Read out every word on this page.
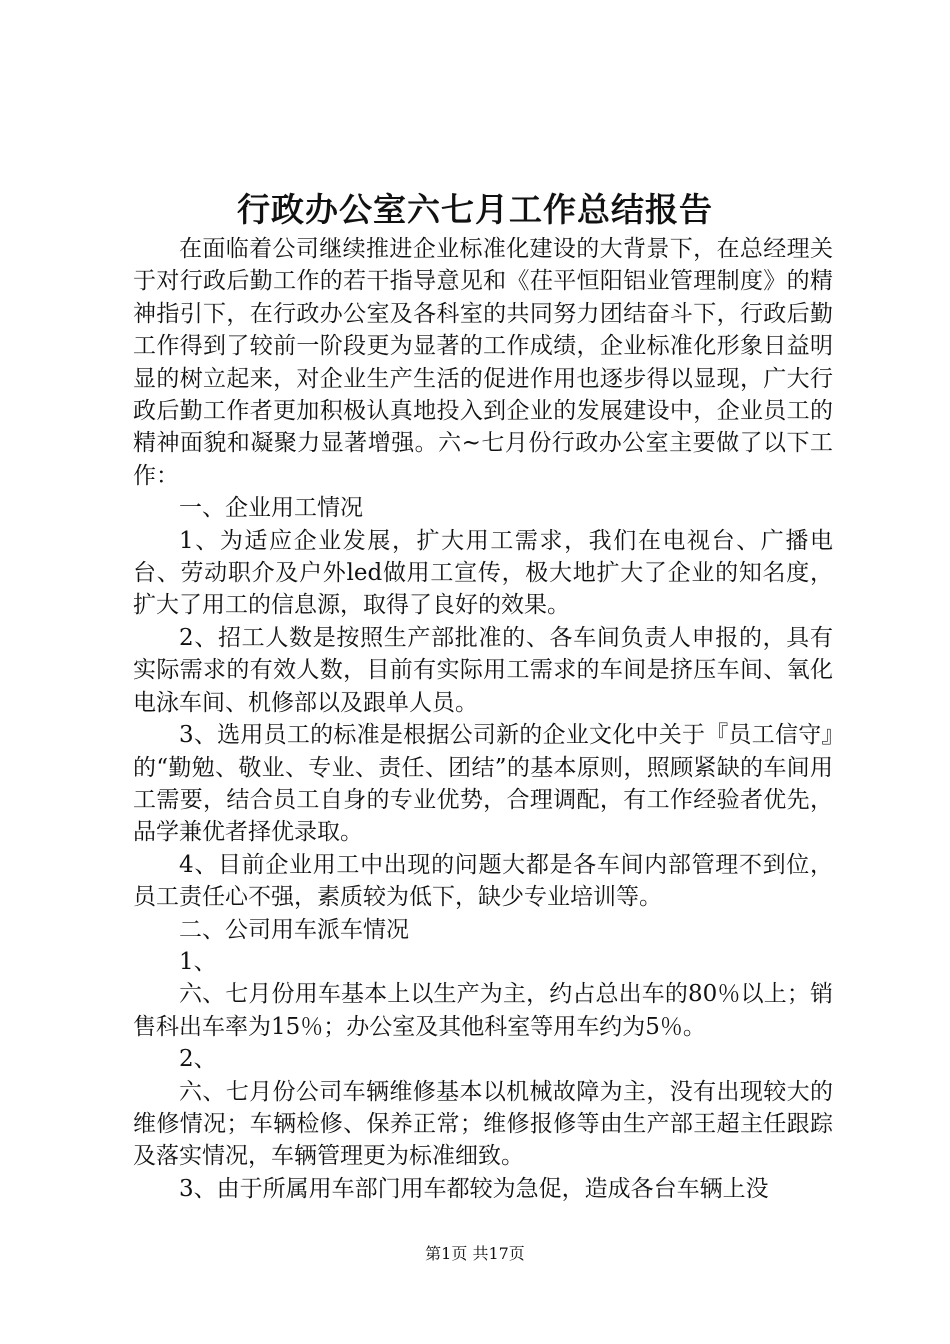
行政办公室六七月工作总结报告

在面临着公司继续推进企业标准化建设的大背景下，在总经理关于对行政后勤工作的若干指导意见和《茌平恒阳铝业管理制度》的精神指引下，在行政办公室及各科室的共同努力团结奋斗下，行政后勤工作得到了较前一阶段更为显著的工作成绩，企业标准化形象日益明显的树立起来，对企业生产生活的促进作用也逐步得以显现，广大行政后勤工作者更加积极认真地投入到企业的发展建设中，企业员工的精神面貌和凝聚力显著增强。六~七月份行政办公室主要做了以下工作：

一、企业用工情况

1、为适应企业发展，扩大用工需求，我们在电视台、广播电台、劳动职介及户外led做用工宣传，极大地扩大了企业的知名度，扩大了用工的信息源，取得了良好的效果。

2、招工人数是按照生产部批准的、各车间负责人申报的，具有实际需求的有效人数，目前有实际用工需求的车间是挤压车间、氧化电泳车间、机修部以及跟单人员。

3、选用员工的标准是根据公司新的企业文化中关于『员工信守』的“勤勉、敬业、专业、责任、团结”的基本原则，照顾紧缺的车间用工需要，结合员工自身的专业优势，合理调配，有工作经验者优先，品学兼优者择优录取。

4、目前企业用工中出现的问题大都是各车间内部管理不到位，员工责任心不强，素质较为低下，缺少专业培训等。

二、公司用车派车情况

1、

六、七月份用车基本上以生产为主，约占总出车的80％以上；销售科出车率为15％；办公室及其他科室等用车约为5％。

2、

六、七月份公司车辆维修基本以机械故障为主，没有出现较大的维修情况；车辆检修、保养正常；维修报修等由生产部王超主任跟踪及落实情况，车辆管理更为标准细致。

3、由于所属用车部门用车都较为急促，造成各台车辆上没

第1页 共17页
